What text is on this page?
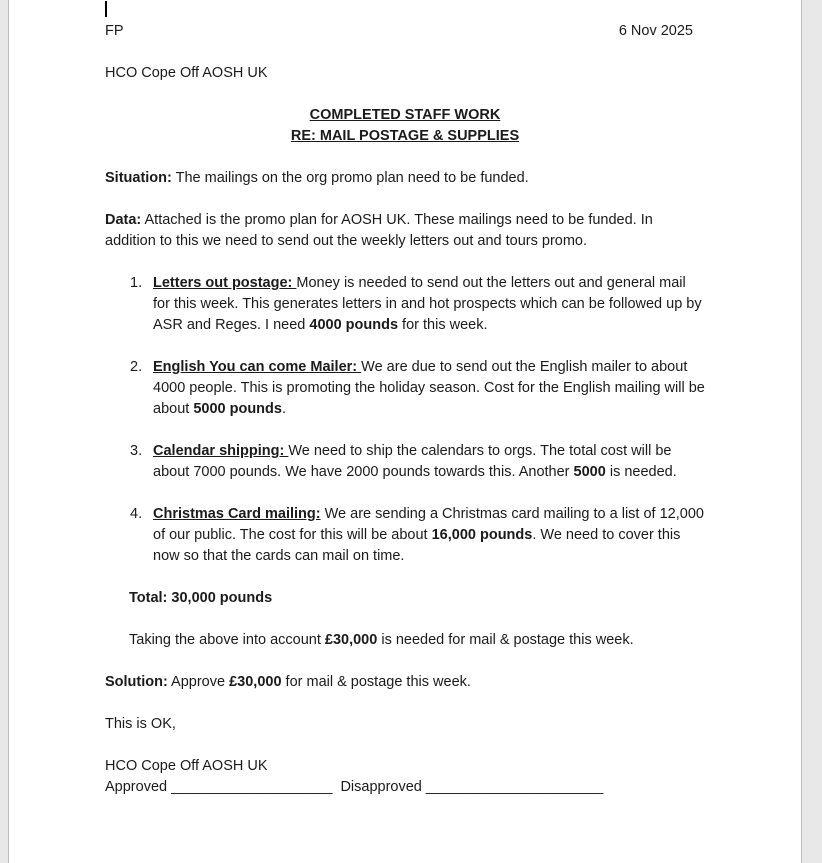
FP	6 Nov 2025
HCO Cope Off AOSH UK
COMPLETED STAFF WORK
RE: MAIL POSTAGE & SUPPLIES
Situation: The mailings on the org promo plan need to be funded.
Data: Attached is the promo plan for AOSH UK. These mailings need to be funded. In addition to this we need to send out the weekly letters out and tours promo.
1. Letters out postage: Money is needed to send out the letters out and general mail for this week. This generates letters in and hot prospects which can be followed up by ASR and Reges. I need 4000 pounds for this week.
2. English You can come Mailer: We are due to send out the English mailer to about 4000 people. This is promoting the holiday season. Cost for the English mailing will be about 5000 pounds.
3. Calendar shipping: We need to ship the calendars to orgs. The total cost will be about 7000 pounds. We have 2000 pounds towards this. Another 5000 is needed.
4. Christmas Card mailing: We are sending a Christmas card mailing to a list of 12,000 of our public. The cost for this will be about 16,000 pounds. We need to cover this now so that the cards can mail on time.
Total: 30,000 pounds
Taking the above into account £30,000 is needed for mail & postage this week.
Solution: Approve £30,000 for mail & postage this week.
This is OK,
HCO Cope Off AOSH UK
Approved ____________________  Disapproved ______________________
